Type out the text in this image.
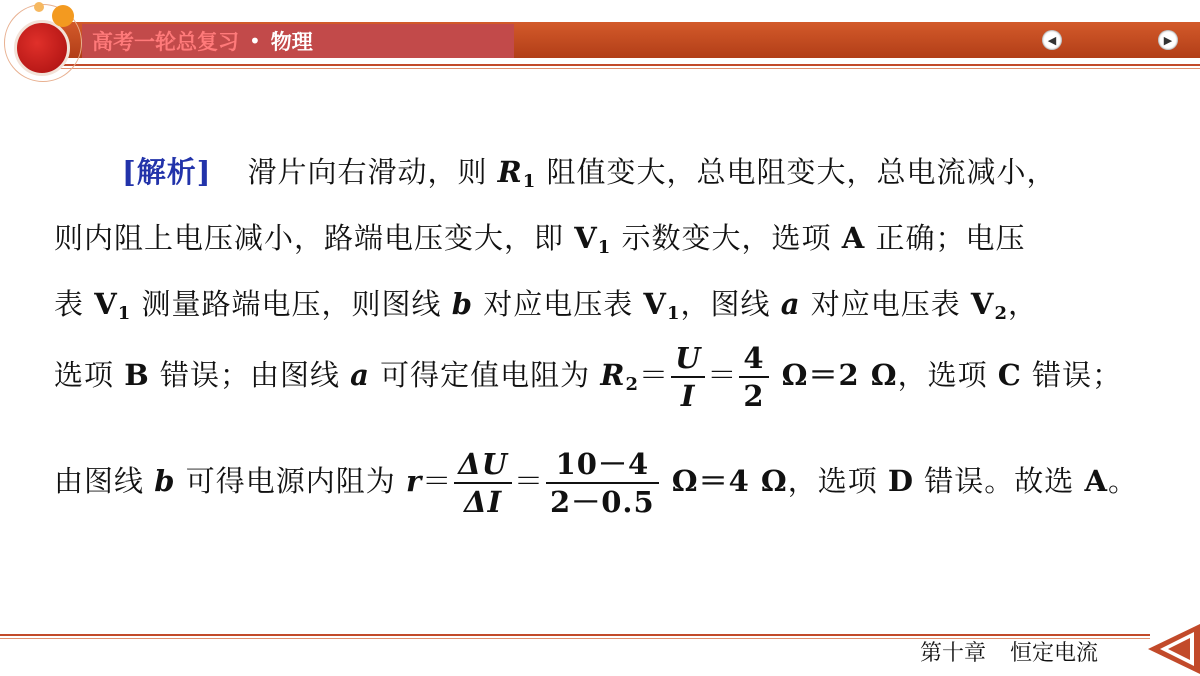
高考一轮总复习 • 物理	◀	▶
[解析] 滑片向右滑动，则 $R_1$ 阻值变大，总电阻变大，总电流减小，
则内阻上电压减小，路端电压变大，即 $V_1$ 示数变大，选项 A 正确；电压
表 $V_1$ 测量路端电压，则图线 b 对应电压表 $V_1$，图线 a 对应电压表 $V_2$，
选项 B 错误；由图线 a 可得定值电阻为 $R_2= \frac{U}{I} = \frac{4}{2} \Omega=2$ Ω，选项 C 错误；
由图线 b 可得电源内阻为 $r= \frac{\Delta U}{\Delta I} = \frac{10-4}{2-0.5} \Omega=4$ Ω，选项 D 错误。故选 A。
第十章 恒定电流
